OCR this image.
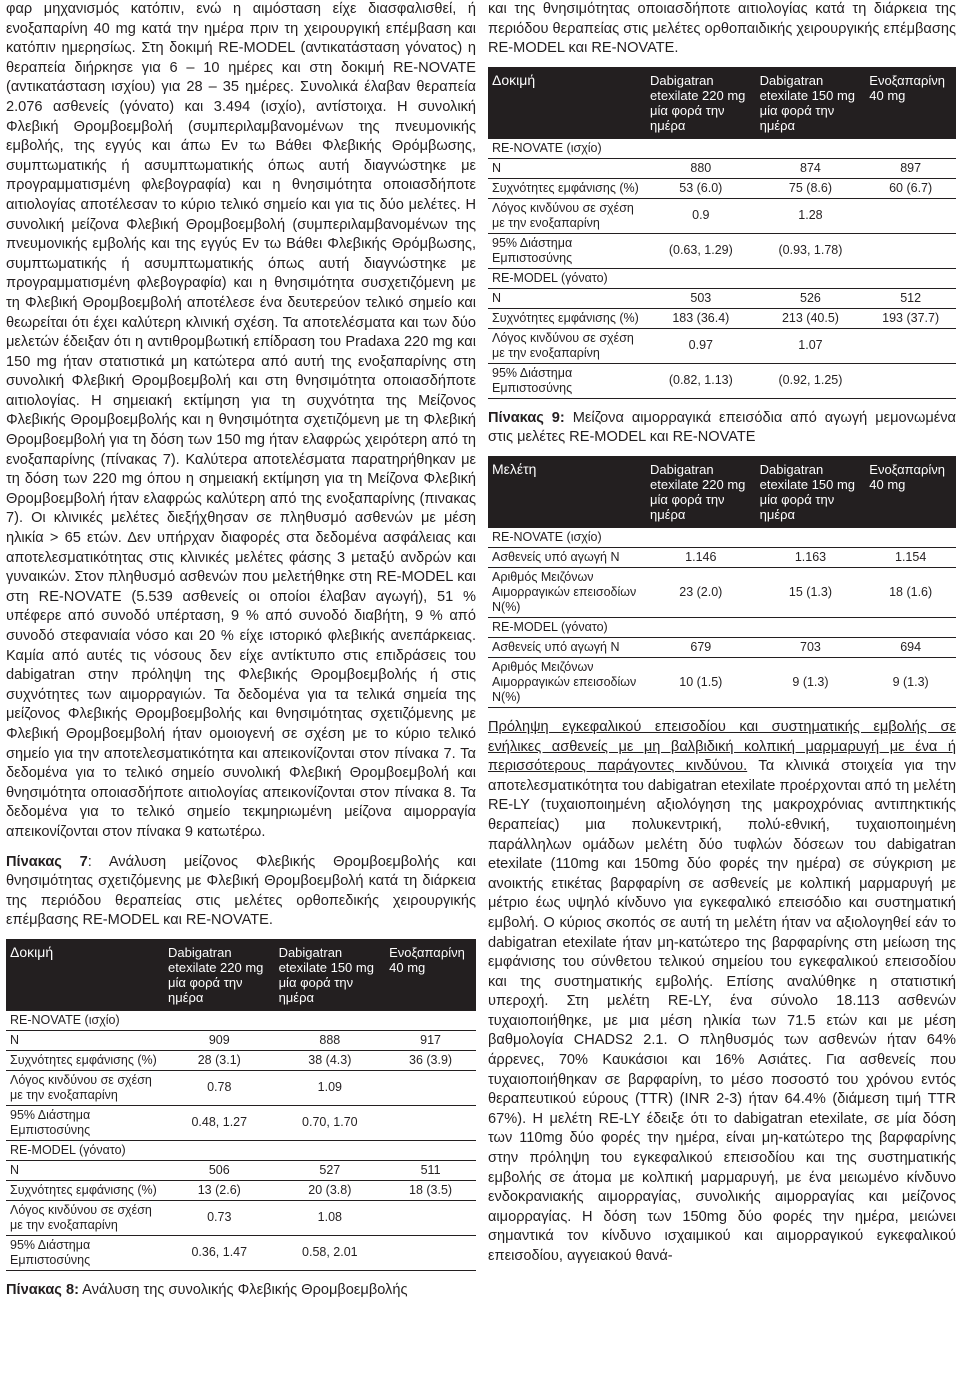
φαρ μηχανισμός κατόπιν, ενώ η αιμόσταση είχε διασφαλισθεί, ή ενοξαπαρίνη 40 mg κατά την ημέρα πριν τη χειρουργική επέμβαση και κατόπιν ημερησίως. Στη δοκιμή RE-MODEL (αντικατάσταση γόνατος) η θεραπεία διήρκησε για 6 – 10 ημέρες και στη δοκιμή RE-NOVATE (αντικατάσταση ισχίου) για 28 – 35 ημέρες. Συνολικά έλαβαν θεραπεία 2.076 ασθενείς (γόνατο) και 3.494 (ισχίο), αντίστοιχα. Η συνολική Φλεβική Θρομβοεμβολή (συμπεριλαμβανομένων της πνευμονικής εμβολής, της εγγύς και άπω Εν τω Βάθει Φλεβικής Θρόμβωσης, συμπτωματικής ή ασυμπτωματικής όπως αυτή διαγνώστηκε με προγραμματισμένη φλεβογραφία) και η θνησιμότητα οποιασδήποτε αιτιολογίας αποτέλεσαν το κύριο τελικό σημείο και για τις δύο μελέτες. Η συνολική μείζονα Φλεβική Θρομβοεμβολή (συμπεριλαμβανομένων της πνευμονικής εμβολής και της εγγύς Εν τω Βάθει Φλεβικής Θρόμβωσης, συμπτωματικής ή ασυμπτωματικής όπως αυτή διαγνώστηκε με προγραμματισμένη φλεβογραφία) και η θνησιμότητα συσχετιζόμενη με τη Φλεβική Θρομβοεμβολή αποτέλεσε ένα δευτερεύον τελικό σημείο και θεωρείται ότι έχει καλύτερη κλινική σχέση. Τα αποτελέσματα και των δύο μελετών έδειξαν ότι η αντιθρομβωτική επίδραση του Pradaxa 220 mg και 150 mg ήταν στατιστικά μη κατώτερα από αυτή της ενοξαπαρίνης στη συνολική Φλεβική Θρομβοεμβολή και στη θνησιμότητα οποιασδήποτε αιτιολογίας. Η σημειακή εκτίμηση για τη συχνότητα της Μείζονος Φλεβικής Θρομβοεμβολής και η θνησιμότητα σχετιζόμενη με τη Φλεβική Θρομβοεμβολή για τη δόση των 150 mg ήταν ελαφρώς χειρότερη από τη ενοξαπαρίνης (πίνακας 7). Καλύτερα αποτελέσματα παρατηρήθηκαν με τη δόση των 220 mg όπου η σημειακή εκτίμηση για τη Μείζονα Φλεβική Θρομβοεμβολή ήταν ελαφρώς καλύτερη από της ενοξαπαρίνης (πινακας 7). Οι κλινικές μελέτες διεξήχθησαν σε πληθυσμό ασθενών με μέση ηλικία > 65 ετών. Δεν υπήρχαν διαφορές στα δεδομένα ασφάλειας και αποτελεσματικότητας στις κλινικές μελέτες φάσης 3 μεταξύ ανδρών και γυναικών. Στον πληθυσμό ασθενών που μελετήθηκε στη RE-MODEL και στη RE-NOVATE (5.539 ασθενείς οι οποίοι έλαβαν αγωγή), 51 % υπέφερε από συνοδό υπέρταση, 9 % από συνοδό διαβήτη, 9 % από συνοδό στεφανιαία νόσο και 20 % είχε ιστορικό φλεβικής ανεπάρκειας. Καμία από αυτές τις νόσους δεν είχε αντίκτυπο στις επιδράσεις του dabigatran στην πρόληψη της Φλεβικής Θρομβοεμβολής ή στις συχνότητες των αιμορραγιών. Τα δεδομένα για τα τελικά σημεία της μείζονος Φλεβικής Θρομβοεμβολής και θνησιμότητας σχετιζόμενης με Φλεβική Θρομβοεμβολή ήταν ομοιογενή σε σχέση με το κύριο τελικό σημείο για την αποτελεσματικότητα και απεικονίζονται στον πίνακα 7. Τα δεδομένα για το τελικό σημείο συνολική Φλεβική Θρομβοεμβολή και θνησιμότητα οποιασδήποτε αιτιολογίας απεικονίζονται στον πίνακα 8. Τα δεδομένα για το τελικό σημείο τεκμηριωμένη μείζονα αιμορραγία απεικονίζονται στον πίνακα 9 κατωτέρω.

Πίνακας 7: Ανάλυση μείζονος Φλεβικής Θρομβοεμβολής και θνησιμότητας σχετιζόμενης με Φλεβική Θρομβοεμβολή κατά τη διάρκεια της περιόδου θεραπείας στις μελέτες ορθοπεδικής χειρουργικής επέμβασης RE-MODEL και RE-NOVATE.

Δοκιμή	Dabigatran etexilate 220 mg μία φορά την ημέρα	Dabigatran etexilate 150 mg μία φορά την ημέρα	Ενοξαπαρίνη 40 mg
RE-NOVATE (ισχίο)			
N	909	888	917
Συχνότητες εμφάνισης (%)	28 (3.1)	38 (4.3)	36 (3.9)
Λόγος κινδύνου σε σχέση με την ενοξαπαρίνη	0.78	1.09	
95% Διάστημα Εμπιστοσύνης	0.48, 1.27	0.70, 1.70	
RE-MODEL (γόνατο)			
N	506	527	511
Συχνότητες εμφάνισης (%)	13 (2.6)	20 (3.8)	18 (3.5)
Λόγος κινδύνου σε σχέση με την ενοξαπαρίνη	0.73	1.08	
95% Διάστημα Εμπιστοσύνης	0.36, 1.47	0.58, 2.01	

Πίνακας 8: Ανάλυση της συνολικής Φλεβικής Θρομβοεμβολής

και της θνησιμότητας οποιασδήποτε αιτιολογίας κατά τη διάρκεια της περιόδου θεραπείας στις μελέτες ορθοπαιδικής χειρουργικής επέμβασης RE-MODEL και RE-NOVATE.

Δοκιμή	Dabigatran etexilate 220 mg μία φορά την ημέρα	Dabigatran etexilate 150 mg μία φορά την ημέρα	Ενοξαπαρίνη 40 mg
RE-NOVATE (ισχίο)			
N	880	874	897
Συχνότητες εμφάνισης (%)	53 (6.0)	75 (8.6)	60 (6.7)
Λόγος κινδύνου σε σχέση με την ενοξαπαρίνη	0.9	1.28	
95% Διάστημα Εμπιστοσύνης	(0.63, 1.29)	(0.93, 1.78)	
RE-MODEL (γόνατο)			
N	503	526	512
Συχνότητες εμφάνισης (%)	183 (36.4)	213 (40.5)	193 (37.7)
Λόγος κινδύνου σε σχέση με την ενοξαπαρίνη	0.97	1.07	
95% Διάστημα Εμπιστοσύνης	(0.82, 1.13)	(0.92, 1.25)	

Πίνακας 9: Μείζονα αιμορραγικά επεισόδια από αγωγή μεμονωμένα στις μελέτες RE-MODEL και RE-NOVATE

Μελέτη	Dabigatran etexilate 220 mg μία φορά την ημέρα	Dabigatran etexilate 150 mg μία φορά την ημέρα	Ενοξαπαρίνη 40 mg
RE-NOVATE (ισχίο)			
Ασθενείς υπό αγωγή N	1.146	1.163	1.154
Αριθμός Μειζόνων Αιμορραγικών επεισοδίων N(%)	23 (2.0)	15 (1.3)	18 (1.6)
RE-MODEL (γόνατο)			
Ασθενείς υπό αγωγή N	679	703	694
Αριθμός Μειζόνων Αιμορραγικών επεισοδίων N(%)	10 (1.5)	9 (1.3)	9 (1.3)

Πρόληψη εγκεφαλικού επεισοδίου και συστηματικής εμβολής σε ενήλικες ασθενείς με μη βαλβιδική κολπική μαρμαρυγή με ένα ή περισσότερους παράγοντες κινδύνου. Τα κλινικά στοιχεία για την αποτελεσματικότητα του dabigatran etexilate προέρχονται από τη μελέτη RE-LY (τυχαιοποιημένη αξιολόγηση της μακροχρόνιας αντιπηκτικής θεραπείας) μια πολυκεντρική, πολύ-εθνική, τυχαιοποιημένη παράλληλων ομάδων μελέτη δύο τυφλών δόσεων του dabigatran etexilate (110mg και 150mg δύο φορές την ημέρα) σε σύγκριση με ανοικτής ετικέτας βαρφαρίνη σε ασθενείς με κολπική μαρμαρυγή με μέτριο έως υψηλό κίνδυνο για εγκεφαλικό επεισόδιο και συστηματική εμβολή. Ο κύριος σκοπός σε αυτή τη μελέτη ήταν να αξιολογηθεί εάν το dabigatran etexilate ήταν μη-κατώτερο της βαρφαρίνης στη μείωση της εμφάνισης του σύνθετου τελικού σημείου του εγκεφαλικού επεισοδίου και της συστηματικής εμβολής. Επίσης αναλύθηκε η στατιστική υπεροχή. Στη μελέτη RE-LY, ένα σύνολο 18.113 ασθενών τυχαιοποιήθηκε, με μια μέση ηλικία των 71.5 ετών και με μέση βαθμολογία CHADS2 2.1. Ο πληθυσμός των ασθενών ήταν 64% άρρενες, 70% Καυκάσιοι και 16% Ασιάτες. Για ασθενείς που τυχαιοποιήθηκαν σε βαρφαρίνη, το μέσο ποσοστό του χρόνου εντός θεραπευτικού εύρους (TTR) (INR 2-3) ήταν 64.4% (διάμεση τιμή TTR 67%). Η μελέτη RE-LY έδειξε ότι το dabigatran etexilate, σε μία δόση των 110mg δύο φορές την ημέρα, είναι μη-κατώτερο της βαρφαρίνης στην πρόληψη του εγκεφαλικού επεισοδίου και της συστηματικής εμβολής σε άτομα με κολπική μαρμαρυγή, με ένα μειωμένο κίνδυνο ενδοκρανιακής αιμορραγίας, συνολικής αιμορραγίας και μείζονος αιμορραγίας. Η δόση των 150mg δύο φορές την ημέρα, μειώνει σημαντικά τον κίνδυνο ισχαιμικού και αιμορραγικού εγκεφαλικού επεισοδίου, αγγειακού θανά-
